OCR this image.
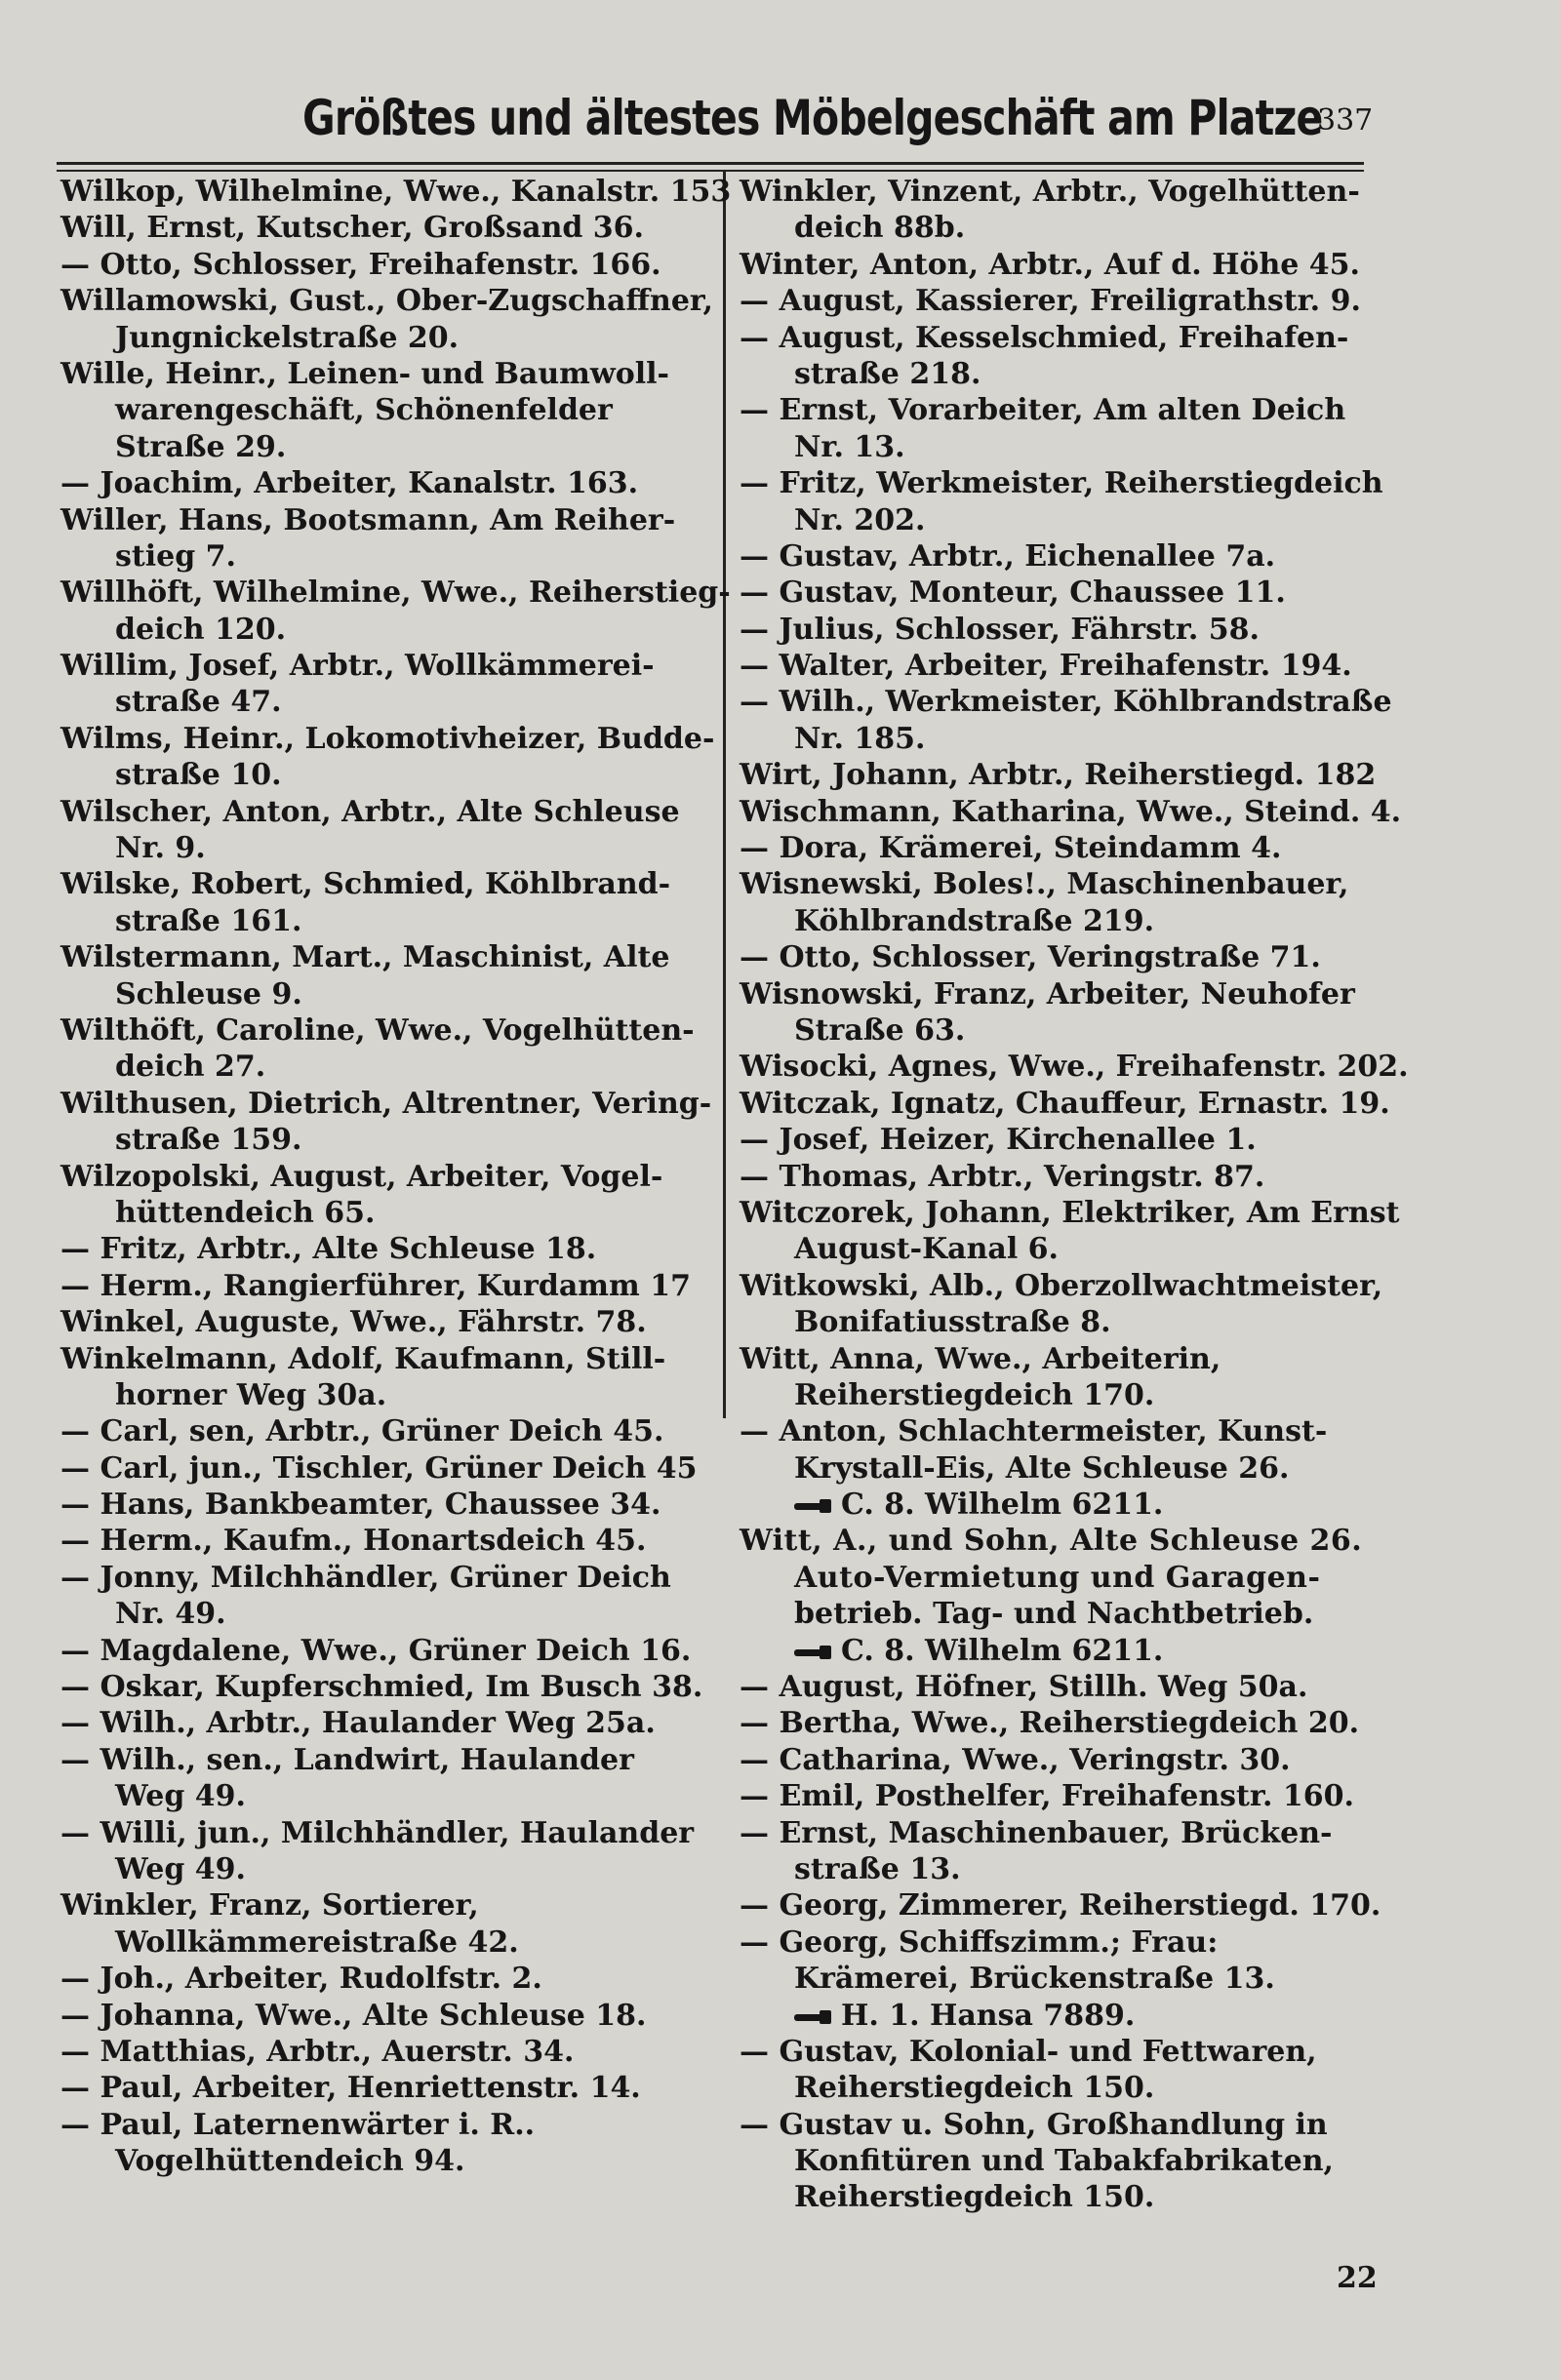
Größtes und ältestes Möbelgeschäft am Platze
337
Wilkop, Wilhelmine, Wwe., Kanalstr. 153
Will, Ernst, Kutscher, Großsand 36.
— Otto, Schlosser, Freihafenstr. 166.
Willamowski, Gust., Ober-Zugschaffner,
Jungnickelstraße 20.
Wille, Heinr., Leinen- und Baumwoll-
warengeschäft, Schönenfelder
Straße 29.
— Joachim, Arbeiter, Kanalstr. 163.
Willer, Hans, Bootsmann, Am Reiher-
stieg 7.
Willhöft, Wilhelmine, Wwe., Reiherstieg-
deich 120.
Willim, Josef, Arbtr., Wollkämmerei-
straße 47.
Wilms, Heinr., Lokomotivheizer, Budde-
straße 10.
Wilscher, Anton, Arbtr., Alte Schleuse
Nr. 9.
Wilske, Robert, Schmied, Köhlbrand-
straße 161.
Wilstermann, Mart., Maschinist, Alte
Schleuse 9.
Wilthöft, Caroline, Wwe., Vogelhütten-
deich 27.
Wilthusen, Dietrich, Altrentner, Vering-
straße 159.
Wilzopolski, August, Arbeiter, Vogel-
hüttendeich 65.
— Fritz, Arbtr., Alte Schleuse 18.
— Herm., Rangierführer, Kurdamm 17
Winkel, Auguste, Wwe., Fährstr. 78.
Winkelmann, Adolf, Kaufmann, Still-
horner Weg 30a.
— Carl, sen, Arbtr., Grüner Deich 45.
— Carl, jun., Tischler, Grüner Deich 45
— Hans, Bankbeamter, Chaussee 34.
— Herm., Kaufm., Honartsdeich 45.
— Jonny, Milchhändler, Grüner Deich
Nr. 49.
— Magdalene, Wwe., Grüner Deich 16.
— Oskar, Kupferschmied, Im Busch 38.
— Wilh., Arbtr., Haulander Weg 25a.
— Wilh., sen., Landwirt, Haulander
Weg 49.
— Willi, jun., Milchhändler, Haulander
Weg 49.
Winkler, Franz, Sortierer,
Wollkämmereistraße 42.
— Joh., Arbeiter, Rudolfstr. 2.
— Johanna, Wwe., Alte Schleuse 18.
— Matthias, Arbtr., Auerstr. 34.
— Paul, Arbeiter, Henriettenstr. 14.
— Paul, Laternenwärter i. R..
Vogelhüttendeich 94.
Winkler, Vinzent, Arbtr., Vogelhütten-
deich 88b.
Winter, Anton, Arbtr., Auf d. Höhe 45.
— August, Kassierer, Freiligrathstr. 9.
— August, Kesselschmied, Freihafen-
straße 218.
— Ernst, Vorarbeiter, Am alten Deich
Nr. 13.
— Fritz, Werkmeister, Reiherstiegdeich
Nr. 202.
— Gustav, Arbtr., Eichenallee 7a.
— Gustav, Monteur, Chaussee 11.
— Julius, Schlosser, Fährstr. 58.
— Walter, Arbeiter, Freihafenstr. 194.
— Wilh., Werkmeister, Köhlbrandstraße
Nr. 185.
Wirt, Johann, Arbtr., Reiherstiegd. 182
Wischmann, Katharina, Wwe., Steind. 4.
— Dora, Krämerei, Steindamm 4.
Wisnewski, Boles!., Maschinenbauer,
Köhlbrandstraße 219.
— Otto, Schlosser, Veringstraße 71.
Wisnowski, Franz, Arbeiter, Neuhofer
Straße 63.
Wisocki, Agnes, Wwe., Freihafenstr. 202.
Witczak, Ignatz, Chauffeur, Ernastr. 19.
— Josef, Heizer, Kirchenallee 1.
— Thomas, Arbtr., Veringstr. 87.
Witczorek, Johann, Elektriker, Am Ernst
August-Kanal 6.
Witkowski, Alb., Oberzollwachtmeister,
Bonifatiusstraße 8.
Witt, Anna, Wwe., Arbeiterin,
Reiherstiegdeich 170.
— Anton, Schlachtermeister, Kunst-
Krystall-Eis, Alte Schleuse 26.
C. 8. Wilhelm 6211.
Witt, A., und Sohn, Alte Schleuse 26.
Auto-Vermietung und Garagen-
betrieb. Tag- und Nachtbetrieb.
C. 8. Wilhelm 6211.
— August, Höfner, Stillh. Weg 50a.
— Bertha, Wwe., Reiherstiegdeich 20.
— Catharina, Wwe., Veringstr. 30.
— Emil, Posthelfer, Freihafenstr. 160.
— Ernst, Maschinenbauer, Brücken-
straße 13.
— Georg, Zimmerer, Reiherstiegd. 170.
— Georg, Schiffszimm.; Frau:
Krämerei, Brückenstraße 13.
H. 1. Hansa 7889.
— Gustav, Kolonial- und Fettwaren,
Reiherstiegdeich 150.
— Gustav u. Sohn, Großhandlung in
Konfitüren und Tabakfabrikaten,
Reiherstiegdeich 150.
22
